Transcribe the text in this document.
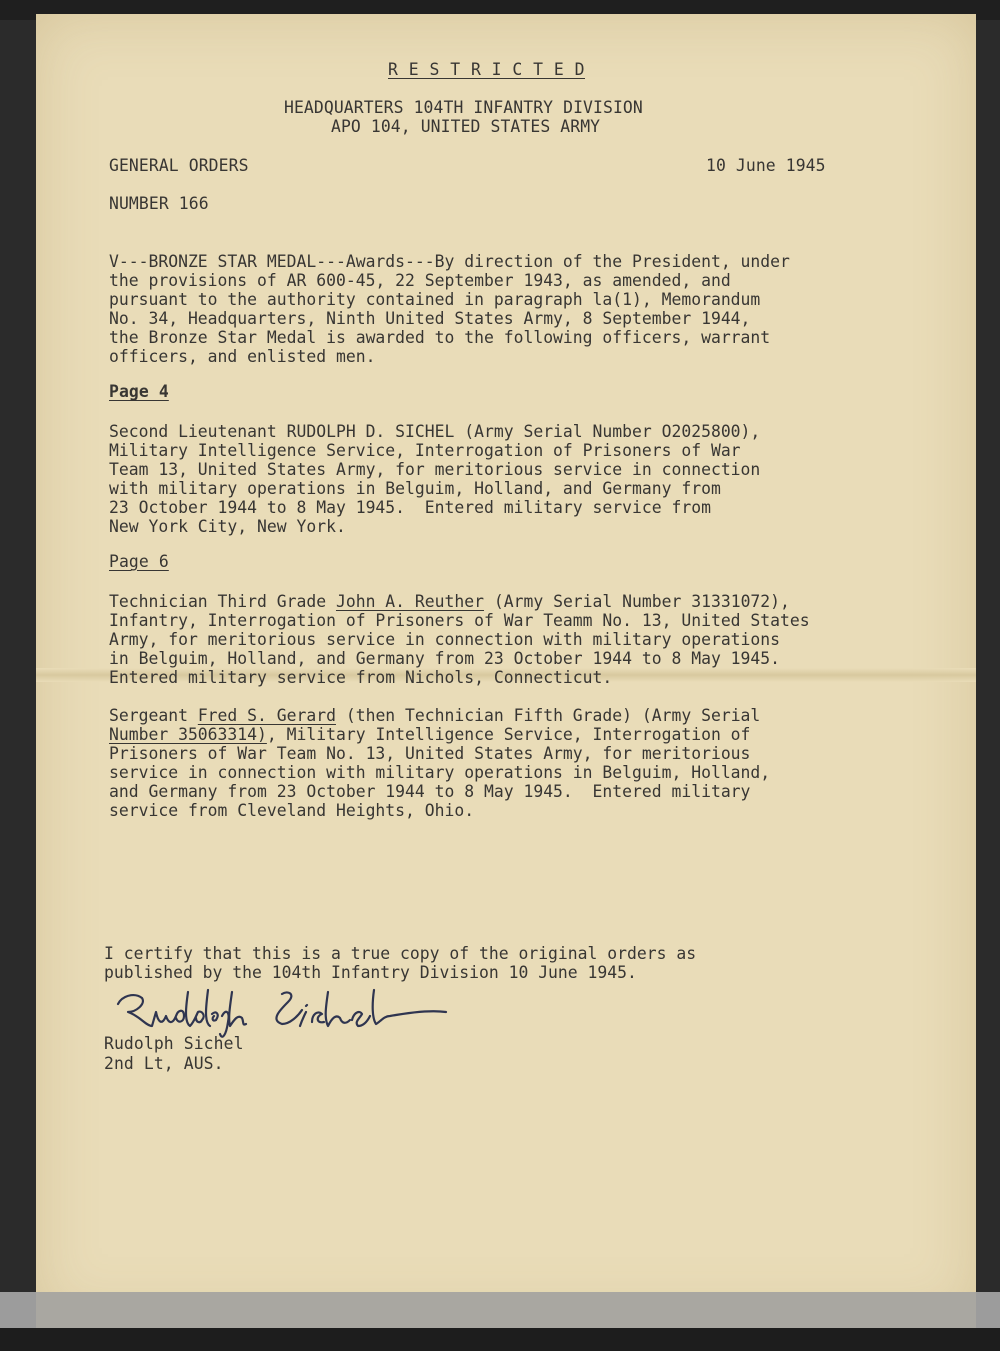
R E S T R I C T E D
HEADQUARTERS 104TH INFANTRY DIVISION
APO 104, UNITED STATES ARMY
GENERAL ORDERS	10 June 1945
NUMBER 166
V---BRONZE STAR MEDAL---Awards---By direction of the President, under
the provisions of AR 600-45, 22 September 1943, as amended, and
pursuant to the authority contained in paragraph la(1), Memorandum
No. 34, Headquarters, Ninth United States Army, 8 September 1944,
the Bronze Star Medal is awarded to the following officers, warrant
officers, and enlisted men.
Page 4
Second Lieutenant RUDOLPH D. SICHEL (Army Serial Number O2025800),
Military Intelligence Service, Interrogation of Prisoners of War
Team 13, United States Army, for meritorious service in connection
with military operations in Belguim, Holland, and Germany from
23 October 1944 to 8 May 1945.  Entered military service from
New York City, New York.
Page 6
Technician Third Grade John A. Reuther (Army Serial Number 31331072),
Infantry, Interrogation of Prisoners of War Teamm No. 13, United States
Army, for meritorious service in connection with military operations
in Belguim, Holland, and Germany from 23 October 1944 to 8 May 1945.
Entered military service from Nichols, Connecticut.
Sergeant Fred S. Gerard (then Technician Fifth Grade) (Army Serial
Number 35063314), Military Intelligence Service, Interrogation of
Prisoners of War Team No. 13, United States Army, for meritorious
service in connection with military operations in Belguim, Holland,
and Germany from 23 October 1944 to 8 May 1945.  Entered military
service from Cleveland Heights, Ohio.
I certify that this is a true copy of the original orders as
published by the 104th Infantry Division 10 June 1945.
Rudolph Sichel
2nd Lt, AUS.
